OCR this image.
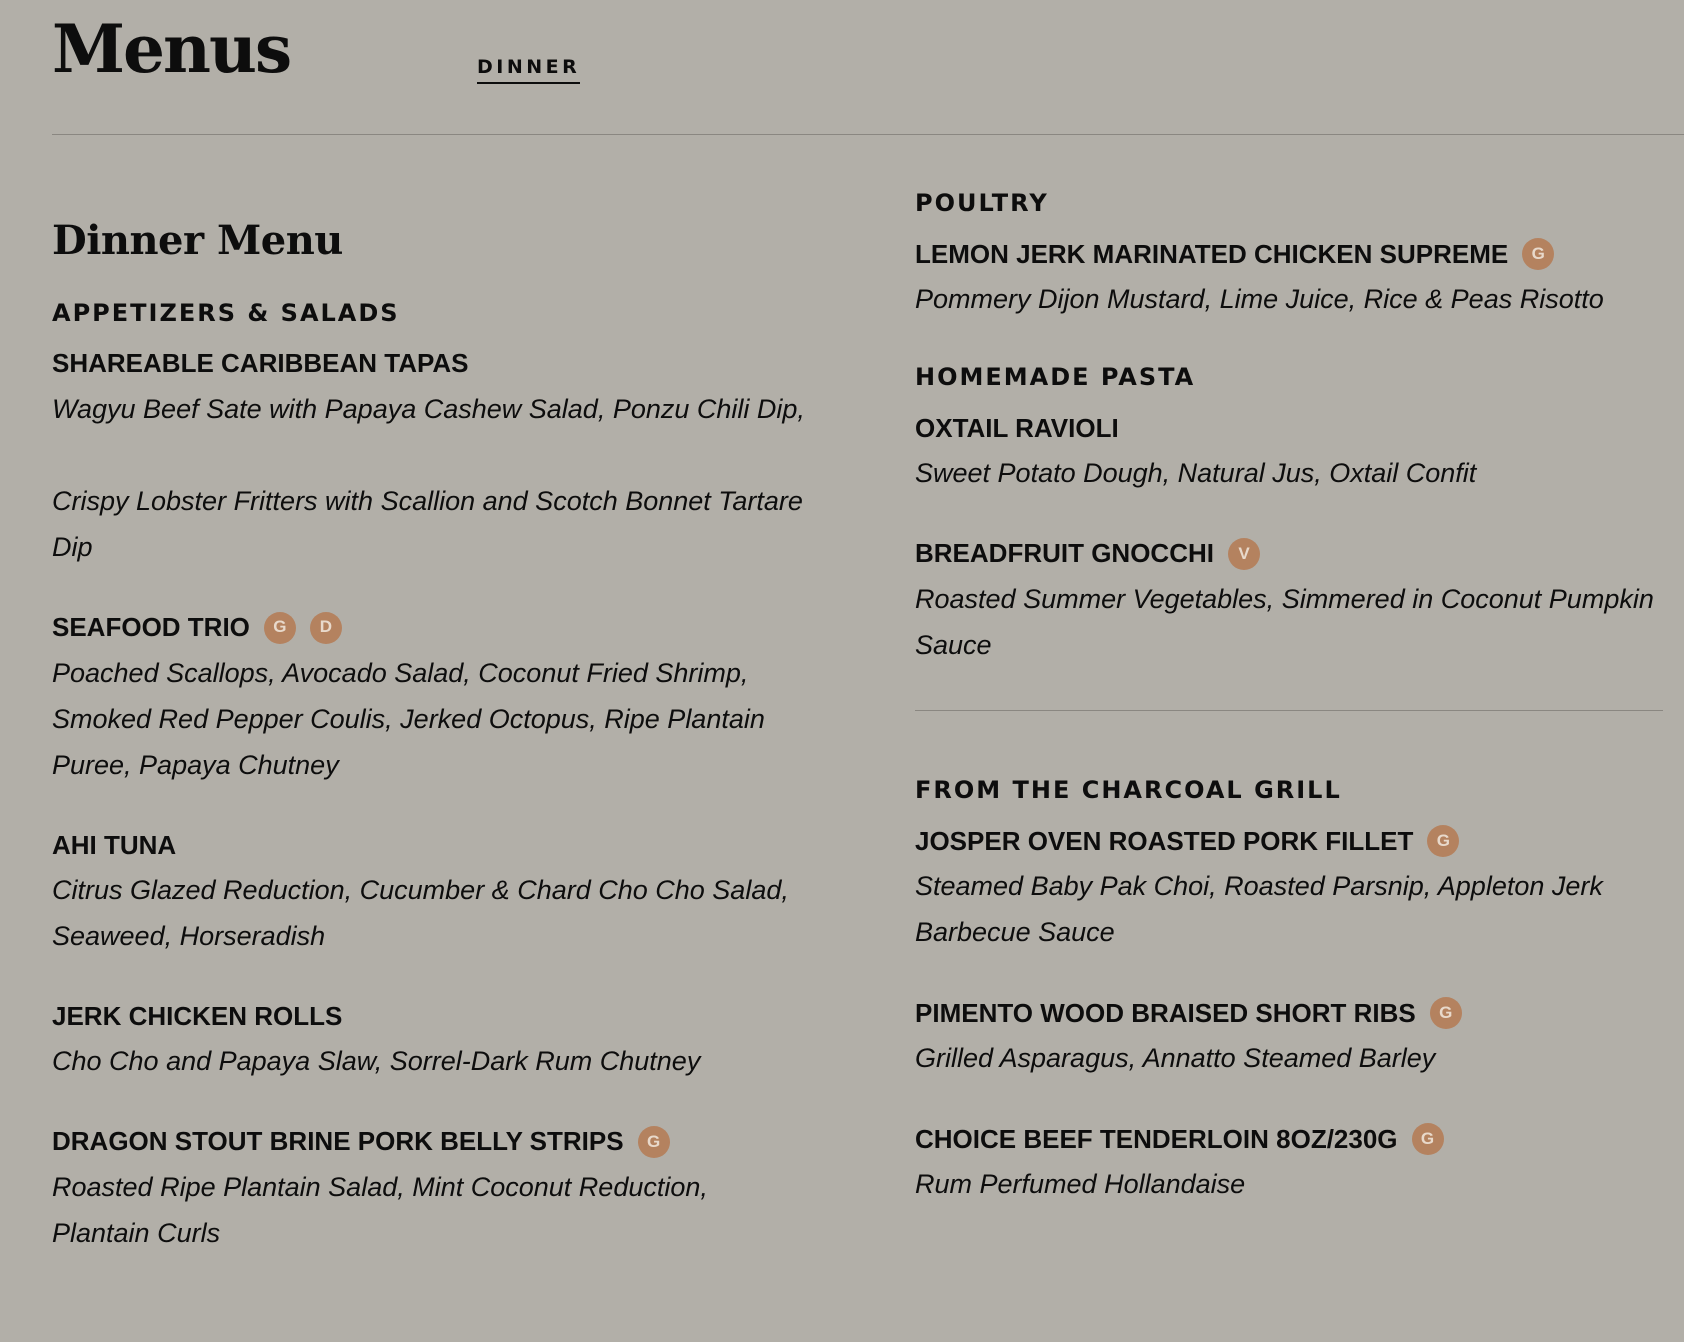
Menus	DINNER
Dinner Menu
APPETIZERS & SALADS
SHAREABLE CARIBBEAN TAPAS
Wagyu Beef Sate with Papaya Cashew Salad, Ponzu Chili Dip,
Crispy Lobster Fritters with Scallion and Scotch Bonnet Tartare Dip
SEAFOOD TRIO	G	D
Poached Scallops, Avocado Salad, Coconut Fried Shrimp, Smoked Red Pepper Coulis, Jerked Octopus, Ripe Plantain Puree, Papaya Chutney
AHI TUNA
Citrus Glazed Reduction, Cucumber & Chard Cho Cho Salad, Seaweed, Horseradish
JERK CHICKEN ROLLS
Cho Cho and Papaya Slaw, Sorrel-Dark Rum Chutney
DRAGON STOUT BRINE PORK BELLY STRIPS	G
Roasted Ripe Plantain Salad, Mint Coconut Reduction, Plantain Curls
POULTRY
LEMON JERK MARINATED CHICKEN SUPREME	G
Pommery Dijon Mustard, Lime Juice, Rice & Peas Risotto
HOMEMADE PASTA
OXTAIL RAVIOLI
Sweet Potato Dough, Natural Jus, Oxtail Confit
BREADFRUIT GNOCCHI	V
Roasted Summer Vegetables, Simmered in Coconut Pumpkin Sauce
FROM THE CHARCOAL GRILL
JOSPER OVEN ROASTED PORK FILLET	G
Steamed Baby Pak Choi, Roasted Parsnip, Appleton Jerk Barbecue Sauce
PIMENTO WOOD BRAISED SHORT RIBS	G
Grilled Asparagus, Annatto Steamed Barley
CHOICE BEEF TENDERLOIN 8OZ/230G	G
Rum Perfumed Hollandaise
